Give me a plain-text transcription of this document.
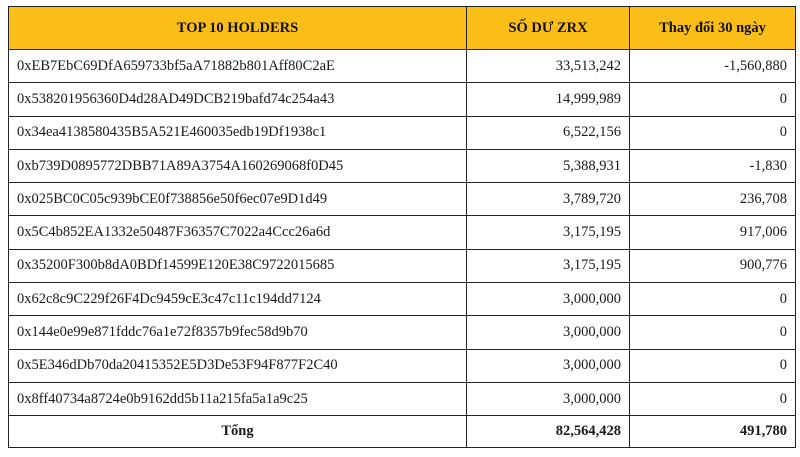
TOP 10 HOLDERS	SỐ DƯ ZRX	Thay đổi 30 ngày
0xEB7EbC69DfA659733bf5aA71882b801Aff80C2aE	33,513,242	-1,560,880
0x538201956360D4d28AD49DCB219bafd74c254a43	14,999,989	0
0x34ea4138580435B5A521E460035edb19Df1938c1	6,522,156	0
0xb739D0895772DBB71A89A3754A160269068f0D45	5,388,931	-1,830
0x025BC0C05c939bCE0f738856e50f6ec07e9D1d49	3,789,720	236,708
0x5C4b852EA1332e50487F36357C7022a4Ccc26a6d	3,175,195	917,006
0x35200F300b8dA0BDf14599E120E38C9722015685	3,175,195	900,776
0x62c8c9C229f26F4Dc9459cE3c47c11c194dd7124	3,000,000	0
0x144e0e99e871fddc76a1e72f8357b9fec58d9b70	3,000,000	0
0x5E346dDb70da20415352E5D3De53F94F877F2C40	3,000,000	0
0x8ff40734a8724e0b9162dd5b11a215fa5a1a9c25	3,000,000	0
Tổng	82,564,428	491,780
